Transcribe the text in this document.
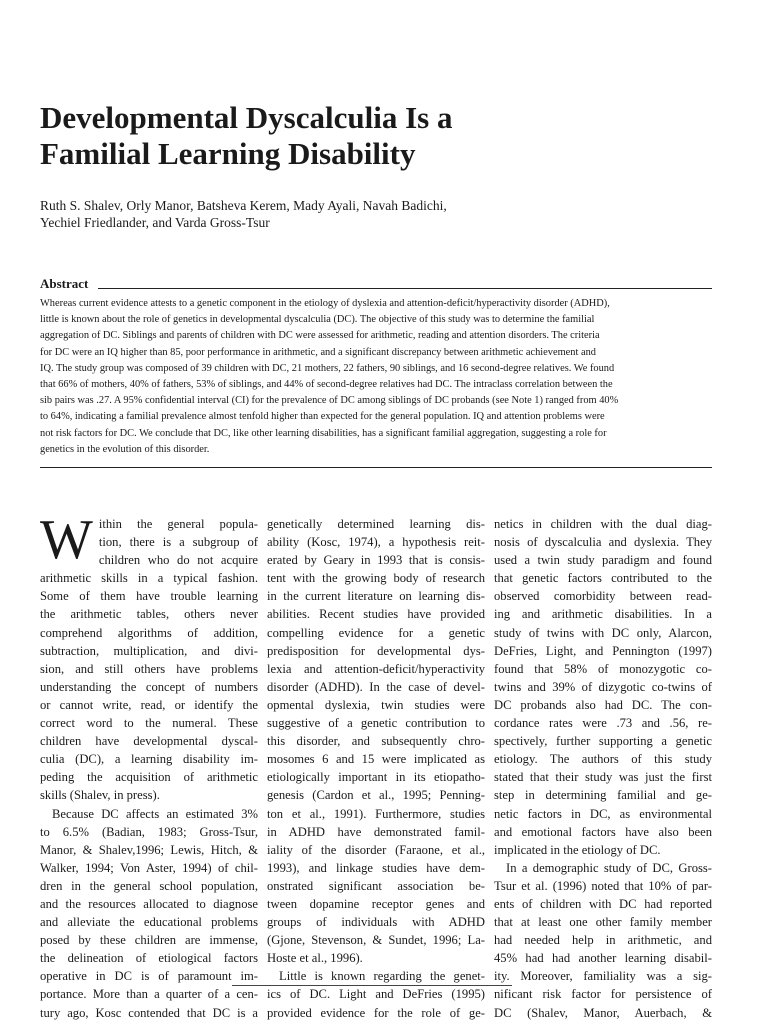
Developmental Dyscalculia Is a
Familial Learning Disability
Ruth S. Shalev, Orly Manor, Batsheva Kerem, Mady Ayali, Navah Badichi,
Yechiel Friedlander, and Varda Gross-Tsur
Abstract
Whereas current evidence attests to a genetic component in the etiology of dyslexia and attention-deficit/hyperactivity disorder (ADHD),
little is known about the role of genetics in developmental dyscalculia (DC). The objective of this study was to determine the familial
aggregation of DC. Siblings and parents of children with DC were assessed for arithmetic, reading and attention disorders. The criteria
for DC were an IQ higher than 85, poor performance in arithmetic, and a significant discrepancy between arithmetic achievement and
IQ. The study group was composed of 39 children with DC, 21 mothers, 22 fathers, 90 siblings, and 16 second-degree relatives. We found
that 66% of mothers, 40% of fathers, 53% of siblings, and 44% of second-degree relatives had DC. The intraclass correlation between the
sib pairs was .27. A 95% confidential interval (CI) for the prevalence of DC among siblings of DC probands (see Note 1) ranged from 40%
to 64%, indicating a familial prevalence almost tenfold higher than expected for the general population. IQ and attention problems were
not risk factors for DC. We conclude that DC, like other learning disabilities, has a significant familial aggregation, suggesting a role for
genetics in the evolution of this disorder.
W ithin the general popula-
tion, there is a subgroup of
children who do not acquire
arithmetic skills in a typical fashion.
Some of them have trouble learning
the arithmetic tables, others never
comprehend algorithms of addition,
subtraction, multiplication, and divi-
sion, and still others have problems
understanding the concept of numbers
or cannot write, read, or identify the
correct word to the numeral. These
children have developmental dyscal-
culia (DC), a learning disability im-
peding the acquisition of arithmetic
skills (Shalev, in press).
Because DC affects an estimated 3%
to 6.5% (Badian, 1983; Gross-Tsur,
Manor, & Shalev,1996; Lewis, Hitch, &
Walker, 1994; Von Aster, 1994) of chil-
dren in the general school population,
and the resources allocated to diagnose
and alleviate the educational problems
posed by these children are immense,
the delineation of etiological factors
operative in DC is of paramount im-
portance. More than a quarter of a cen-
tury ago, Kosc contended that DC is a
genetically determined learning dis-
ability (Kosc, 1974), a hypothesis reit-
erated by Geary in 1993 that is consis-
tent with the growing body of research
in the current literature on learning dis-
abilities. Recent studies have provided
compelling evidence for a genetic
predisposition for developmental dys-
lexia and attention-deficit/hyperactivity
disorder (ADHD). In the case of devel-
opmental dyslexia, twin studies were
suggestive of a genetic contribution to
this disorder, and subsequently chro-
mosomes 6 and 15 were implicated as
etiologically important in its etiopatho-
genesis (Cardon et al., 1995; Penning-
ton et al., 1991). Furthermore, studies
in ADHD have demonstrated famil-
iality of the disorder (Faraone, et al.,
1993), and linkage studies have dem-
onstrated significant association be-
tween dopamine receptor genes and
groups of individuals with ADHD
(Gjone, Stevenson, & Sundet, 1996; La-
Hoste et al., 1996).
Little is known regarding the genet-
ics of DC. Light and DeFries (1995)
provided evidence for the role of ge-
netics in children with the dual diag-
nosis of dyscalculia and dyslexia. They
used a twin study paradigm and found
that genetic factors contributed to the
observed comorbidity between read-
ing and arithmetic disabilities. In a
study of twins with DC only, Alarcon,
DeFries, Light, and Pennington (1997)
found that 58% of monozygotic co-
twins and 39% of dizygotic co-twins of
DC probands also had DC. The con-
cordance rates were .73 and .56, re-
spectively, further supporting a genetic
etiology. The authors of this study
stated that their study was just the first
step in determining familial and ge-
netic factors in DC, as environmental
and emotional factors have also been
implicated in the etiology of DC.
In a demographic study of DC, Gross-
Tsur et al. (1996) noted that 10% of par-
ents of children with DC had reported
that at least one other family member
had needed help in arithmetic, and
45% had had another learning disabil-
ity. Moreover, familiality was a sig-
nificant risk factor for persistence of
DC (Shalev, Manor, Auerbach, &
